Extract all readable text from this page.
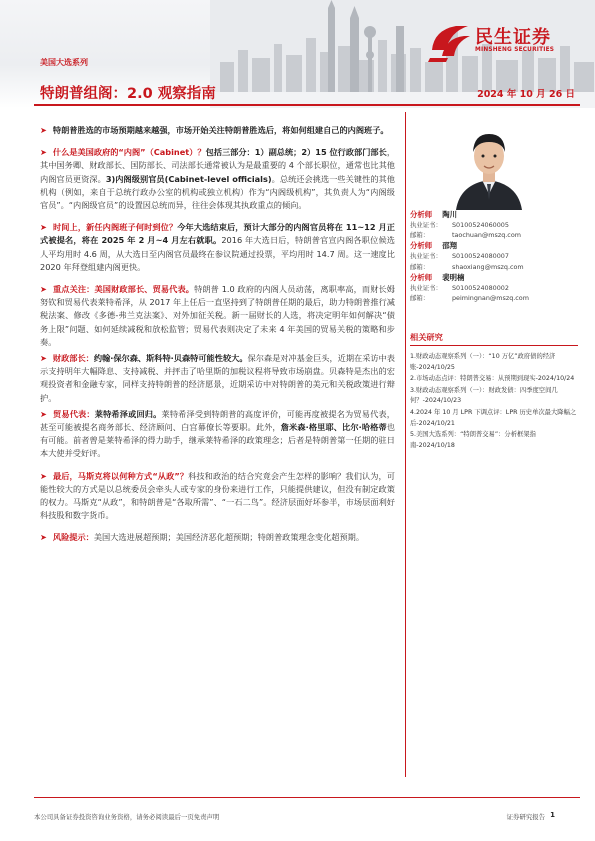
民生证券
MINSHENG SECURITIES
美国大选系列
特朗普组阁：2.0 观察指南	2024 年 10 月 26 日

➤ 特朗普胜选的市场预期越来越强，市场开始关注特朗普胜选后，将如何组建自己的内阁班子。

➤ 什么是美国政府的“内阁”（Cabinet）？包括三部分：1）副总统；2）15 位行政部门部长，其中国务卿、财政部长、国防部长、司法部长通常被认为是最重要的 4 个部长职位，通常也比其他内阁官员更资深。3)内阁级别官员(Cabinet-level officials)。总统还会挑选一些关键性的其他机构（例如，来自于总统行政办公室的机构或独立机构）作为“内阁级机构”，其负责人为“内阁级官员”。“内阁级官员”的设置因总统而异，往往会体现其执政重点的倾向。

➤ 时间上，新任内阁班子何时到位？今年大选结束后，预计大部分的内阁官员将在 11~12 月正式被提名，将在 2025 年 2 月~4 月左右就职。2016 年大选日后，特朗普官宣内阁各职位候选人平均用时 4.6 周，从大选日至内阁官员最终在参议院通过投票，平均用时 14.7 周。这一速度比 2020 年拜登组建内阁更快。

➤ 重点关注：美国财政部长、贸易代表。特朗普 1.0 政府的内阁人员动荡，离职率高，而财长姆努钦和贸易代表莱特希泽，从 2017 年上任后一直坚持到了特朗普任期的最后，助力特朗普推行减税法案、修改《多德-弗兰克法案》、对外加征关税。新一届财长的人选，将决定明年如何解决“债务上限”问题、如何延续减税和放松监管；贸易代表则决定了未来 4 年美国的贸易关税的策略和步奏。

➤ 财政部长：约翰·保尔森、斯科特·贝森特可能性较大。保尔森是对冲基金巨头，近期在采访中表示支持明年大幅降息、支持减税、并抨击了哈里斯的加税议程将导致市场崩盘。贝森特是杰出的宏观投资者和金融专家，同样支持特朗普的经济愿景，近期采访中对特朗普的美元和关税政策进行辩护。

➤ 贸易代表：莱特希泽或回归。莱特希泽受到特朗普的高度评价，可能再度被提名为贸易代表，甚至可能被提名商务部长、经济顾问、白宫幕僚长等要职。此外，詹米森·格里耶、比尔·哈格蒂也有可能。前者曾是莱特希泽的得力助手，继承莱特希泽的政策理念；后者是特朗普第一任期的驻日本大使并受好评。

➤ 最后，马斯克将以何种方式“从政”？科技和政治的结合究竟会产生怎样的影响？我们认为，可能性较大的方式是以总统委员会牵头人或专家的身份来进行工作，只能提供建议，但没有制定政策的权力。马斯克“从政”，和特朗普是“各取所需”、“一石二鸟”。经济层面好坏参半，市场层面利好科技股和数字货币。

➤ 风险提示：美国大选进展超预期；美国经济恶化超预期；特朗普政策理念变化超预期。

分析师 陶川
执业证书： S0100524060005
邮箱：	taochuan@mszq.com
分析师 邵翔
执业证书： S0100524080007
邮箱：	shaoxiang@mszq.com
分析师 裴明楠
执业证书： S0100524080002
邮箱：	peimingnan@mszq.com
相关研究
1.财政动态观察系列（一）：“10 万亿”政府债的经济账-2024/10/25
2.市场动态点评：特朗普交易：从预期到现实-2024/10/24
3.财政动态观察系列（一）：财政发债：四季度空间几何？-2024/10/23
4.2024 年 10 月 LPR 下调点评：LPR 历史单次最大降幅之后-2024/10/21
5.美国大选系列：“特朗普交易”：分析框架指南-2024/10/18
本公司具备证券投资咨询业务资格，请务必阅读最后一页免责声明	证券研究报告 1
